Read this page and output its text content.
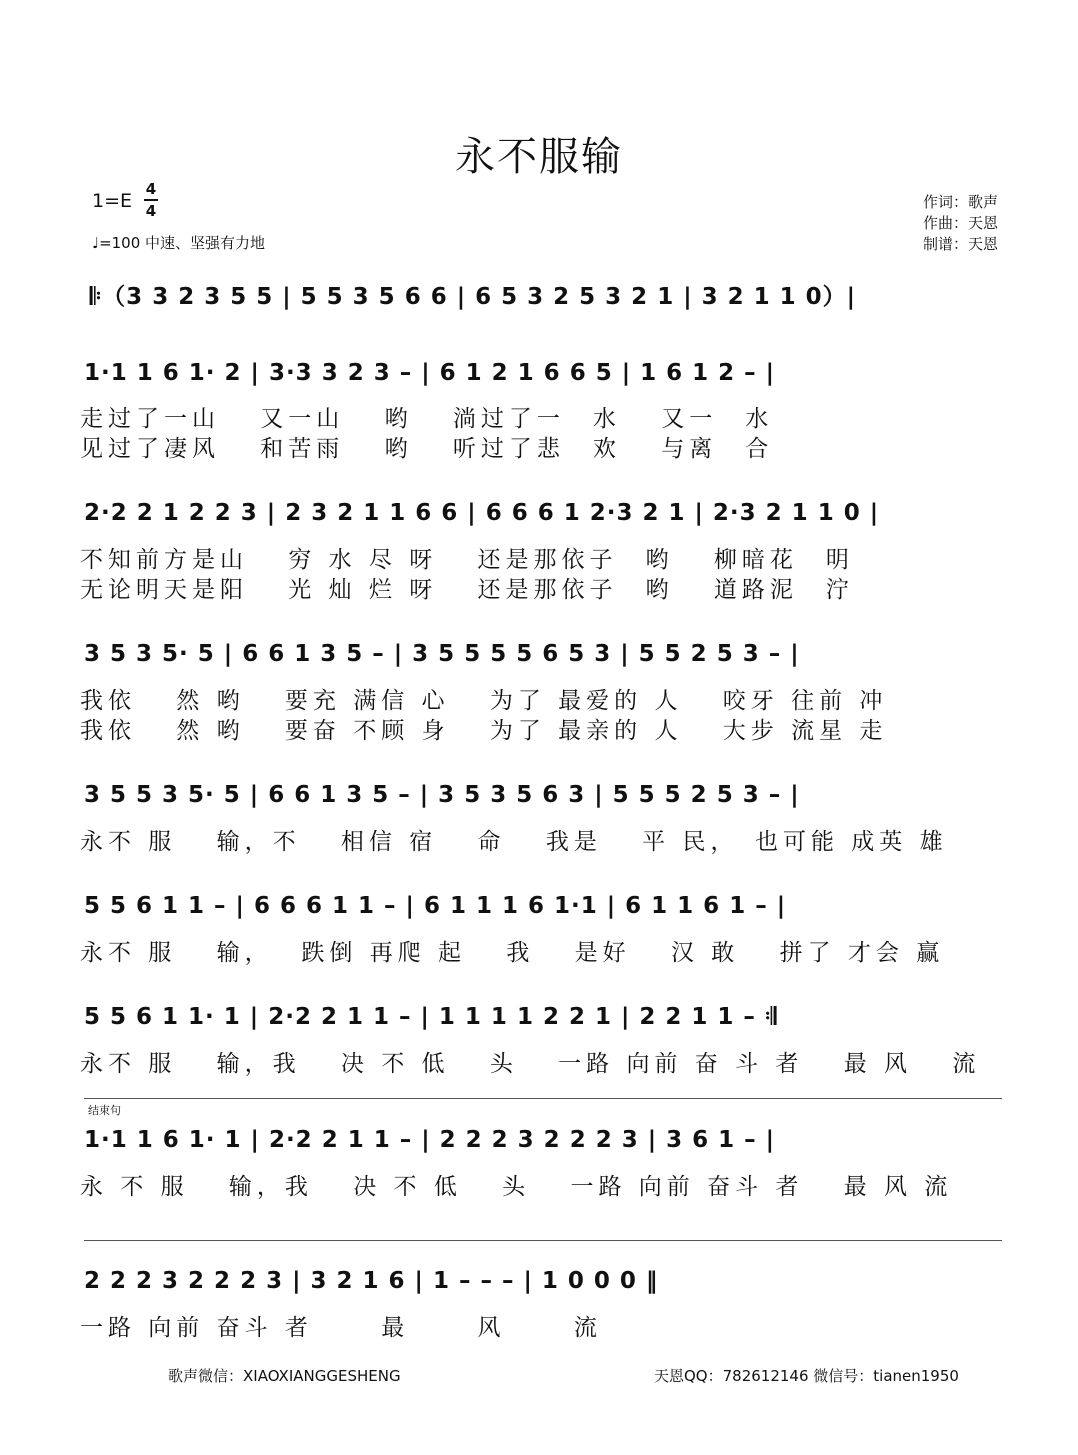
永不服输
1=E
4
4
♩=100 中速、坚强有力地
作词：歌声
作曲：天恩
制谱：天恩
𝄆（3 3 2 3 5 5 | 5 5 3 5 6 6 | 6 5 3 2 5 3 2 1 | 3 2 1 1 0）|
1·1 1 6 1· 2 | 3·3 3 2 3 – | 6 1 2 1 6 6 5 | 1 6 1 2 – |
走过了一山　 又一山　 哟　 淌过了一　水　 又一　水
见过了凄风　 和苦雨　 哟　 听过了悲　欢　 与离　合
2·2 2 1 2 2 3 | 2 3 2 1 1 6 6 | 6 6 6 1 2·3 2 1 | 2·3 2 1 1 0 |
不知前方是山　 穷 水 尽 呀　 还是那依子　哟　 柳暗花　明
无论明天是阳　 光 灿 烂 呀　 还是那依子　哟　 道路泥　泞
3 5 3 5· 5 | 6 6 1 3 5 – | 3 5 5 5 5 6 5 3 | 5 5 2 5 3 – |
我依　 然 哟　 要充 满信 心　 为了 最爱的 人　 咬牙 往前 冲
我依　 然 哟　 要奋 不顾 身　 为了 最亲的 人　 大步 流星 走
3 5 5 3 5· 5 | 6 6 1 3 5 – | 3 5 3 5 6 3 | 5 5 5 2 5 3 – |
永不 服　 输，不　 相信 宿　 命　 我是　 平 民，　也可能 成英 雄
5 5 6 1 1 – | 6 6 6 1 1 – | 6 1 1 1 6 1·1 | 6 1 1 6 1 – |
永不 服　 输，　 跌倒 再爬 起　 我　 是好　 汉 敢　 拼了 才会 赢
5 5 6 1 1· 1 | 2·2 2 1 1 – | 1 1 1 1 2 2 1 | 2 2 1 1 – 𝄇
永不 服　 输，我　 决 不 低　 头　 一路 向前 奋 斗 者　 最 风　 流
结束句
1·1 1 6 1· 1 | 2·2 2 1 1 – | 2 2 2 3 2 2 2 3 | 3 6 1 – |
永 不 服　 输，我　 决 不 低　 头　 一路 向前 奋斗 者　 最 风 流
2 2 2 3 2 2 2 3 | 3 2 1 6 | 1 – – – | 1 0 0 0 ‖
一路 向前 奋斗 者　　 最　　 风　　 流
歌声微信：XIAOXIANGGESHENG	天恩QQ：782612146 微信号：tianen1950
